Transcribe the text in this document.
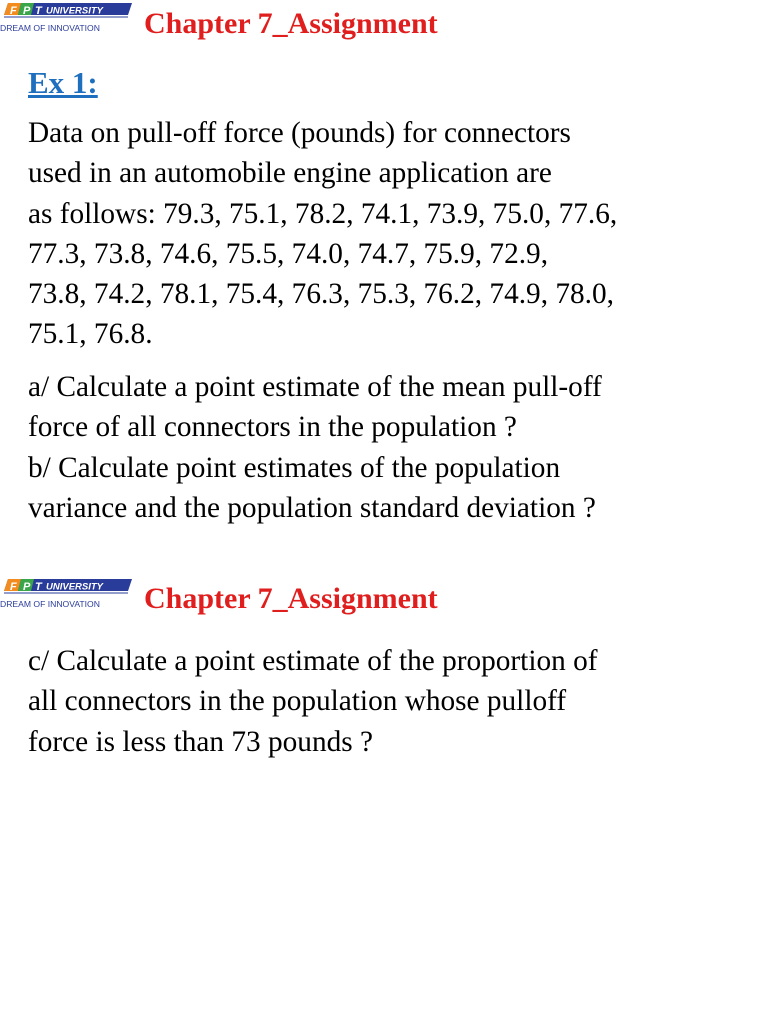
F P T UNIVERSITY
DREAM OF INNOVATION Chapter 7_Assignment
Ex 1:
Data on pull-off force (pounds) for connectors
used in an automobile engine application are
as follows: 79.3, 75.1, 78.2, 74.1, 73.9, 75.0, 77.6,
77.3, 73.8, 74.6, 75.5, 74.0, 74.7, 75.9, 72.9,
73.8, 74.2, 78.1, 75.4, 76.3, 75.3, 76.2, 74.9, 78.0,
75.1, 76.8.
a/ Calculate a point estimate of the mean pull-off
force of all connectors in the population ?
b/ Calculate point estimates of the population
variance and the population standard deviation ?
F P T UNIVERSITY
DREAM OF INNOVATION Chapter 7_Assignment
c/ Calculate a point estimate of the proportion of
all connectors in the population whose pulloff
force is less than 73 pounds ?
